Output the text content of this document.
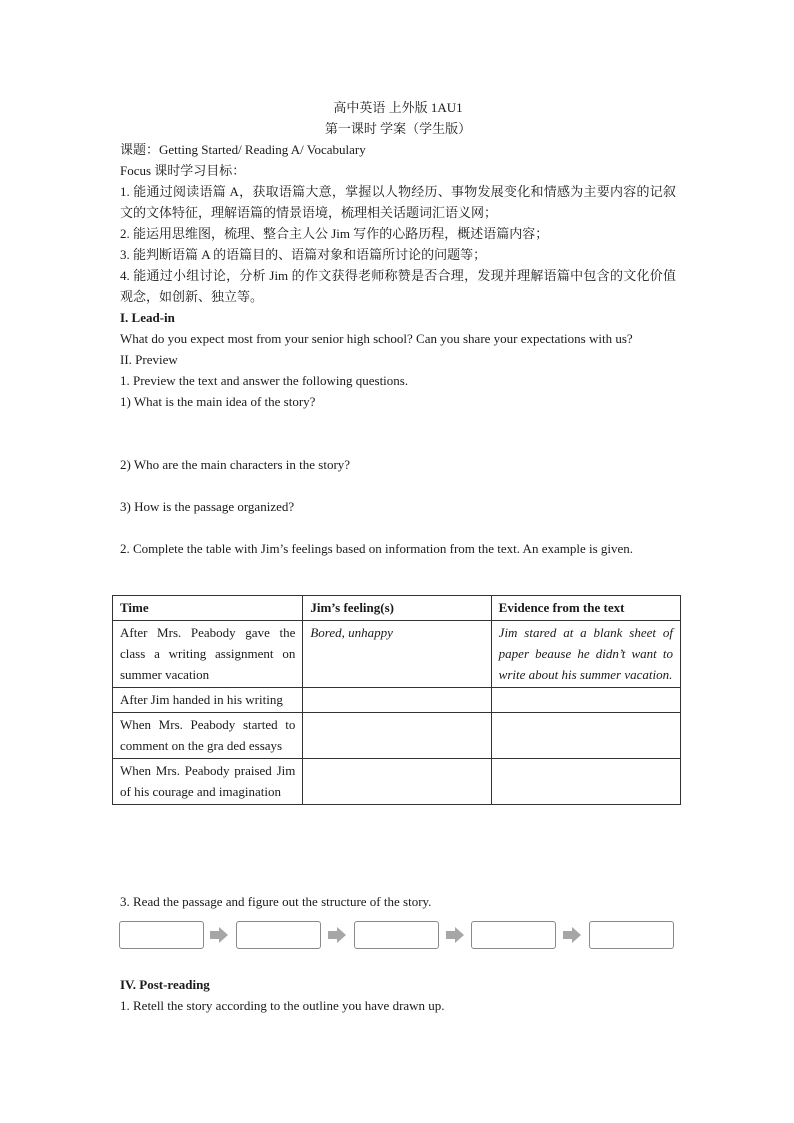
高中英语 上外版 1AU1
第一课时 学案（学生版）
课题：Getting Started/ Reading A/ Vocabulary
Focus 课时学习目标：
1. 能通过阅读语篇 A，获取语篇大意，掌握以人物经历、事物发展变化和情感为主要内容的记叙文的文体特征，理解语篇的情景语境，梳理相关话题词汇语义网；
2. 能运用思维图，梳理、整合主人公 Jim 写作的心路历程，概述语篇内容；
3. 能判断语篇 A 的语篇目的、语篇对象和语篇所讨论的问题等；
4. 能通过小组讨论，分析 Jim 的作文获得老师称赞是否合理，发现并理解语篇中包含的文化价值观念，如创新、独立等。
I. Lead-in
What do you expect most from your senior high school? Can you share your expectations with us?
II. Preview
1. Preview the text and answer the following questions.
1) What is the main idea of the story?
2) Who are the main characters in the story?
3) How is the passage organized?
2. Complete the table with Jim’s feelings based on information from the text. An example is given.
Time	Jim’s feeling(s)	Evidence from the text
After Mrs. Peabody gave the class a writing assignment on summer vacation	Bored, unhappy	Jim stared at a blank sheet of paper beause he didn’t want to write about his summer vacation.
After Jim handed in his writing		
When Mrs. Peabody started to comment on the gra ded essays		
When Mrs. Peabody praised Jim of his courage and imagination		
3. Read the passage and figure out the structure of the story.
IV. Post-reading
1. Retell the story according to the outline you have drawn up.
